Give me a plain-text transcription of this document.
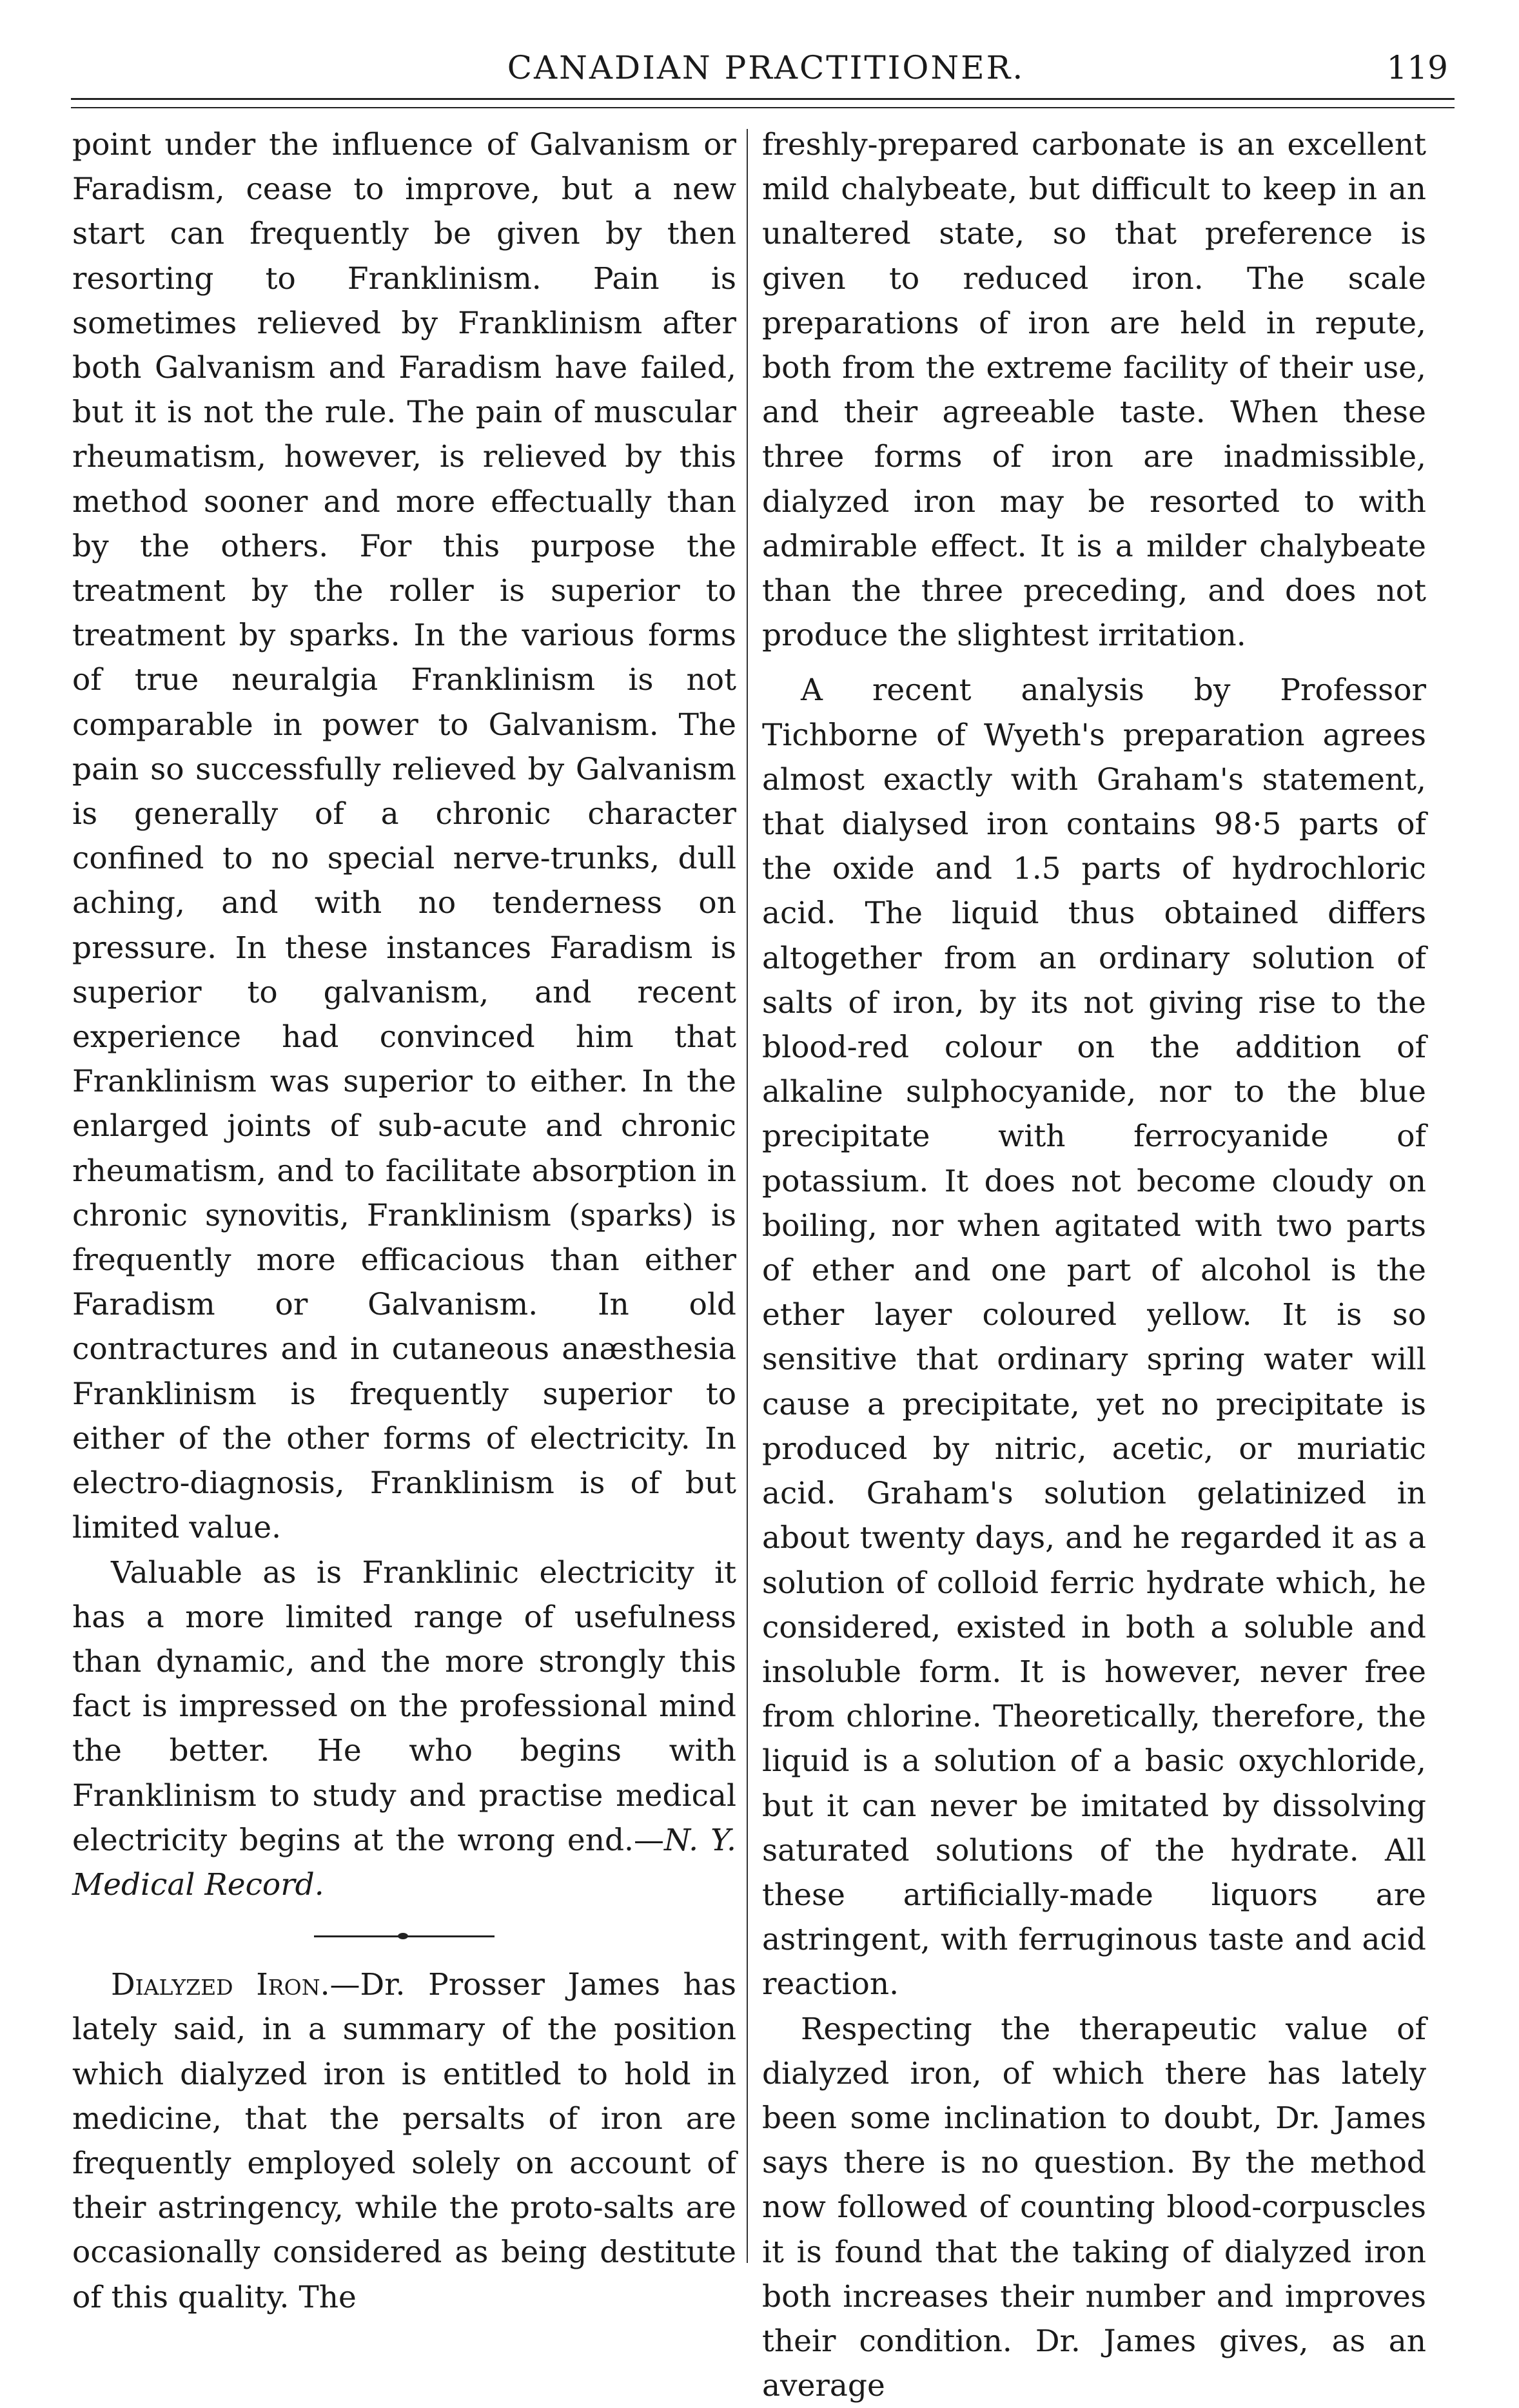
CANADIAN PRACTITIONER.	119

point under the influence of Galvanism or Faradism, cease to improve, but a new start can frequently be given by then resorting to Franklinism. Pain is sometimes relieved by Franklinism after both Galvanism and Faradism have failed, but it is not the rule. The pain of muscular rheumatism, however, is relieved by this method sooner and more effectually than by the others. For this purpose the treatment by the roller is superior to treatment by sparks. In the various forms of true neuralgia Franklinism is not comparable in power to Galvanism. The pain so successfully relieved by Galvanism is generally of a chronic character confined to no special nerve-trunks, dull aching, and with no tenderness on pressure. In these instances Faradism is superior to galvanism, and recent experience had convinced him that Franklinism was superior to either. In the enlarged joints of sub-acute and chronic rheumatism, and to facilitate absorption in chronic synovitis, Franklinism (sparks) is frequently more efficacious than either Faradism or Galvanism. In old contractures and in cutaneous anæsthesia Franklinism is frequently superior to either of the other forms of electricity. In electro-diagnosis, Franklinism is of but limited value.

Valuable as is Franklinic electricity it has a more limited range of usefulness than dynamic, and the more strongly this fact is impressed on the professional mind the better. He who begins with Franklinism to study and practise medical electricity begins at the wrong end.—N. Y. Medical Record.

Dialyzed Iron.—Dr. Prosser James has lately said, in a summary of the position which dialyzed iron is entitled to hold in medicine, that the persalts of iron are frequently employed solely on account of their astringency, while the proto-salts are occasionally considered as being destitute of this quality. The

freshly-prepared carbonate is an excellent mild chalybeate, but difficult to keep in an unaltered state, so that preference is given to reduced iron. The scale preparations of iron are held in repute, both from the extreme facility of their use, and their agreeable taste. When these three forms of iron are inadmissible, dialyzed iron may be resorted to with admirable effect. It is a milder chalybeate than the three preceding, and does not produce the slightest irritation.

A recent analysis by Professor Tichborne of Wyeth's preparation agrees almost exactly with Graham's statement, that dialysed iron contains 98·5 parts of the oxide and 1.5 parts of hydrochloric acid. The liquid thus obtained differs altogether from an ordinary solution of salts of iron, by its not giving rise to the blood-red colour on the addition of alkaline sulphocyanide, nor to the blue precipitate with ferrocyanide of potassium. It does not become cloudy on boiling, nor when agitated with two parts of ether and one part of alcohol is the ether layer coloured yellow. It is so sensitive that ordinary spring water will cause a precipitate, yet no precipitate is produced by nitric, acetic, or muriatic acid. Graham's solution gelatinized in about twenty days, and he regarded it as a solution of colloid ferric hydrate which, he considered, existed in both a soluble and insoluble form. It is however, never free from chlorine. Theoretically, therefore, the liquid is a solution of a basic oxychloride, but it can never be imitated by dissolving saturated solutions of the hydrate. All these artificially-made liquors are astringent, with ferruginous taste and acid reaction.

Respecting the therapeutic value of dialyzed iron, of which there has lately been some inclination to doubt, Dr. James says there is no question. By the method now followed of counting blood-corpuscles it is found that the taking of dialyzed iron both increases their number and improves their condition. Dr. James gives, as an average
